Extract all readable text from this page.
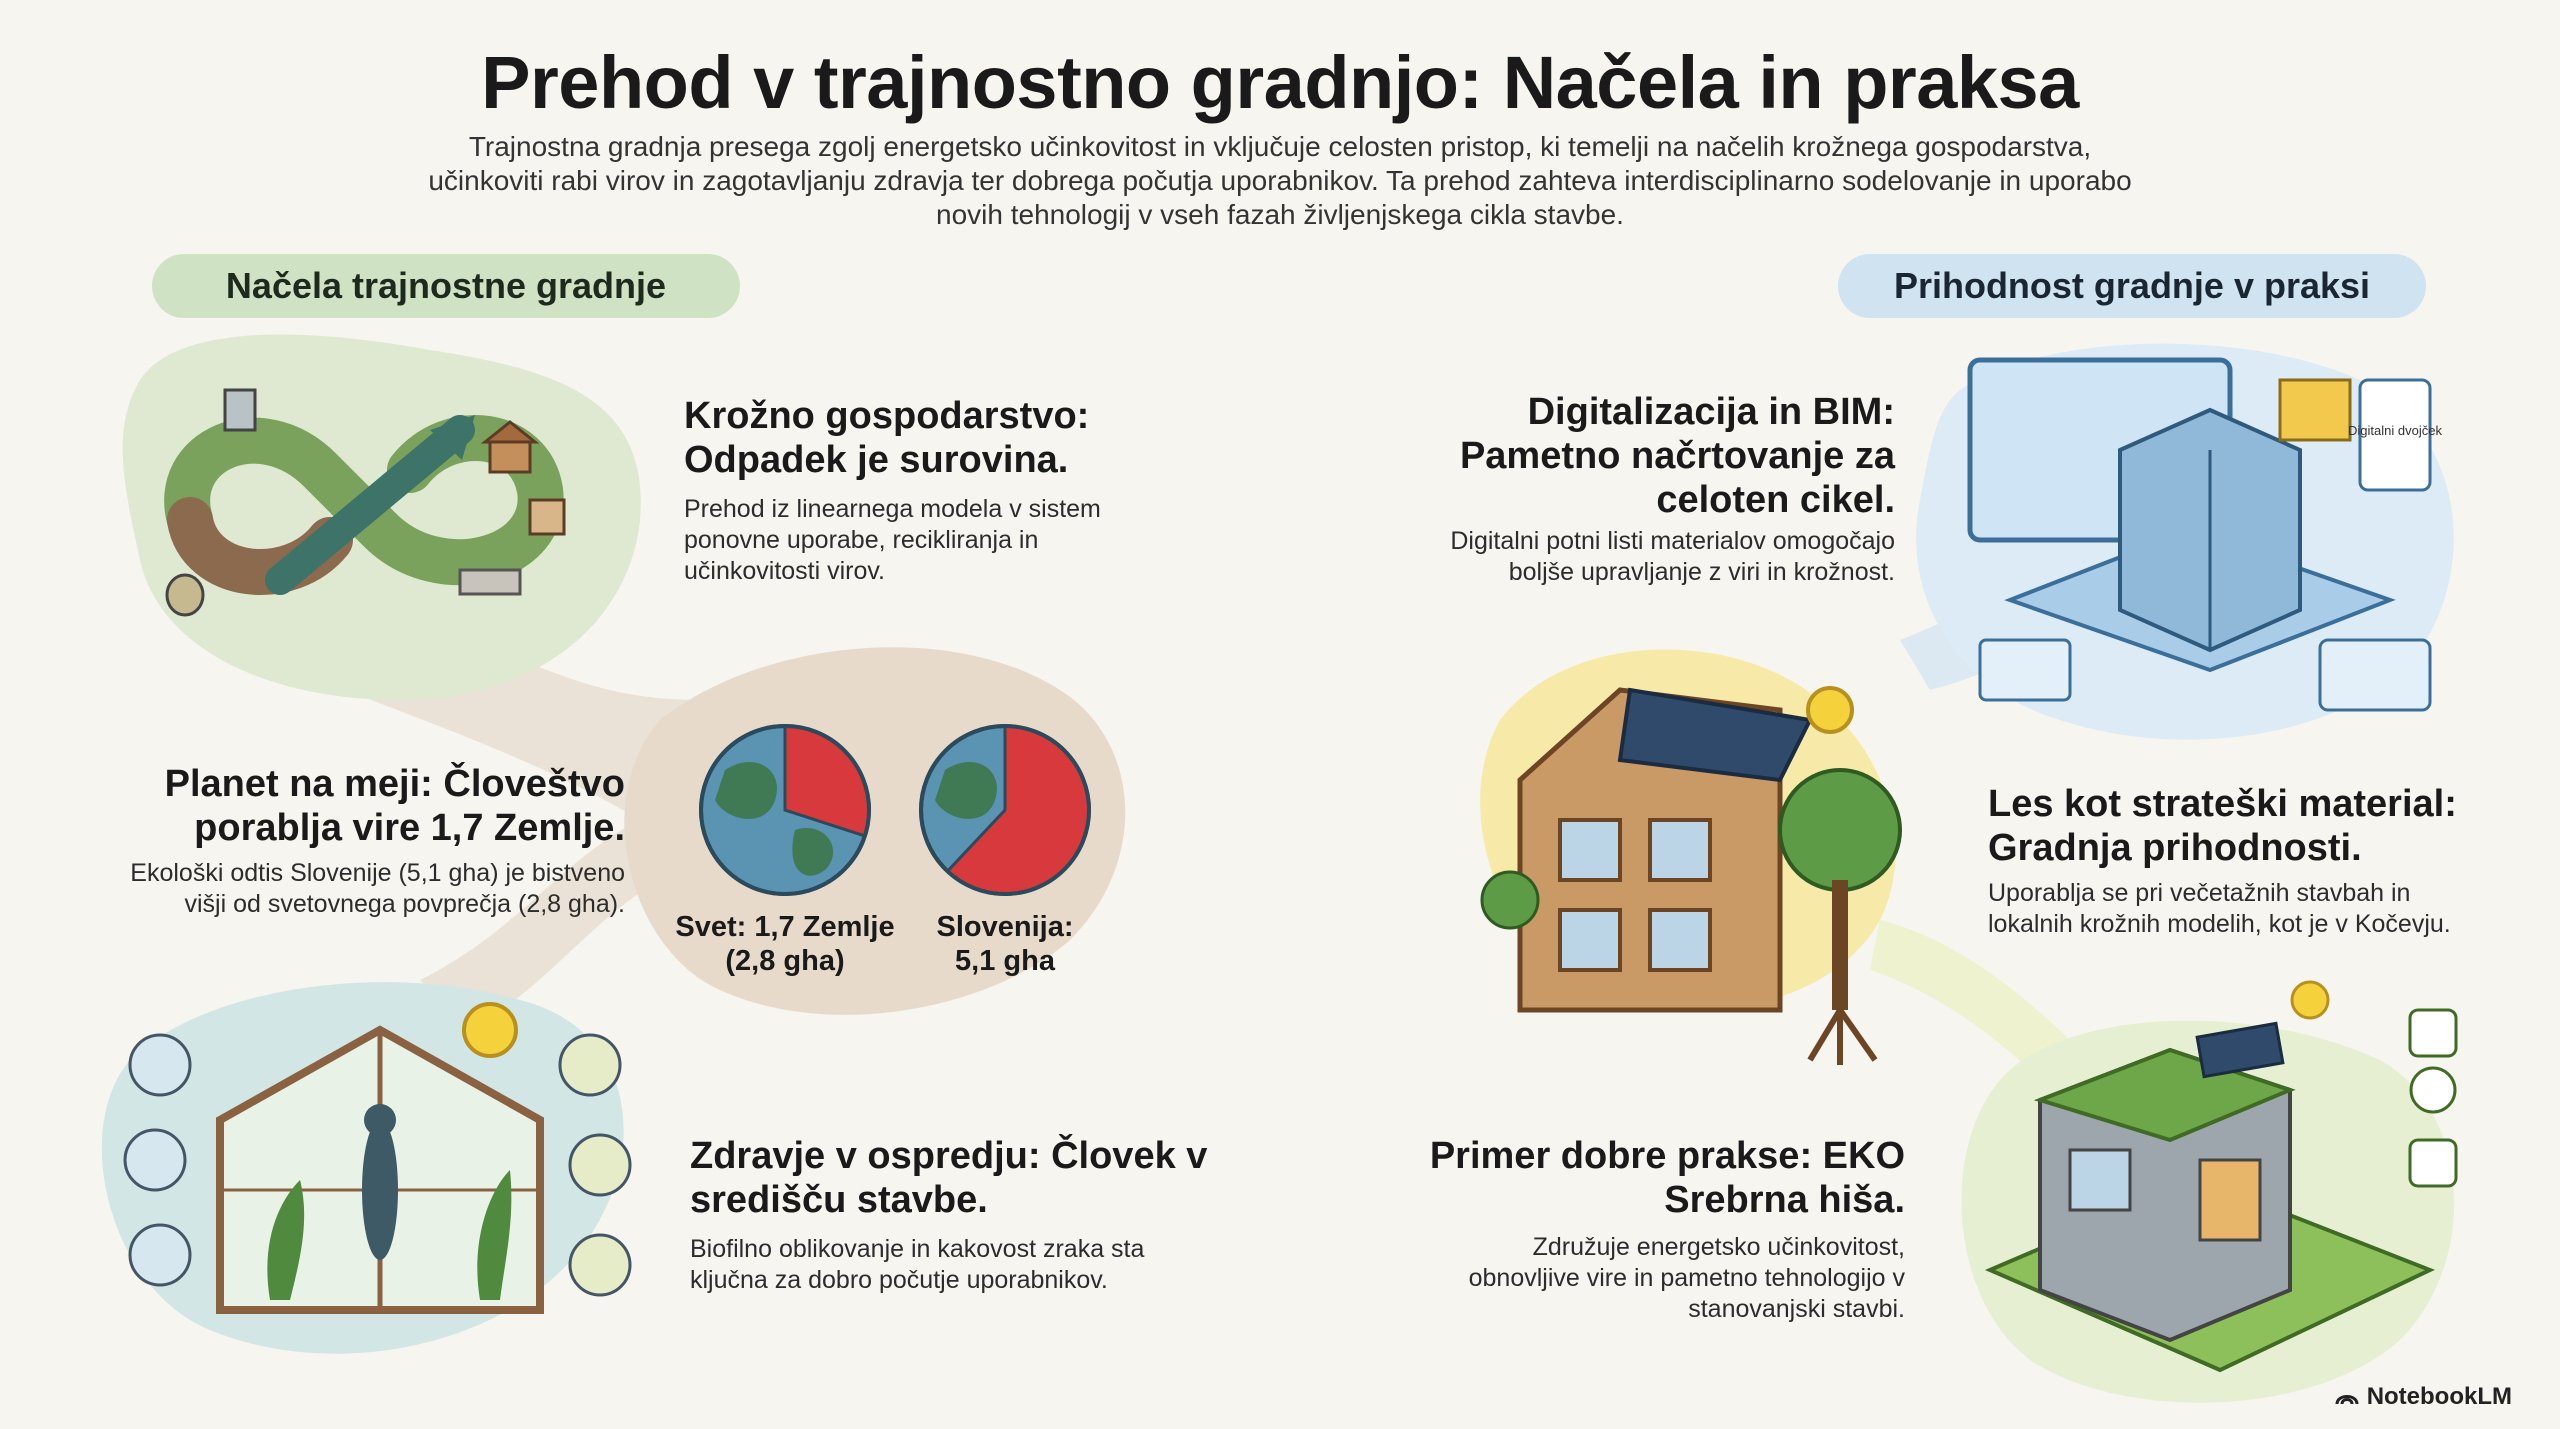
Prehod v trajnostno gradnjo: Načela in praksa
Trajnostna gradnja presega zgolj energetsko učinkovitost in vključuje celosten pristop, ki temelji na načelih krožnega gospodarstva, učinkoviti rabi virov in zagotavljanju zdravja ter dobrega počutja uporabnikov. Ta prehod zahteva interdisciplinarno sodelovanje in uporabo novih tehnologij v vseh fazah življenjskega cikla stavbe.
Načela trajnostne gradnje	Prihodnost gradnje v praksi
Krožno gospodarstvo: Odpadek je surovina.
Prehod iz linearnega modela v sistem ponovne uporabe, recikliranja in učinkovitosti virov.
Planet na meji: Človeštvo porablja vire 1,7 Zemlje.
Ekološki odtis Slovenije (5,1 gha) je bistveno višji od svetovnega povprečja (2,8 gha).
Svet: 1,7 Zemlje
(2,8 gha)
Slovenija:
5,1 gha
Zdravje v ospredju: Človek v središču stavbe.
Biofilno oblikovanje in kakovost zraka sta ključna za dobro počutje uporabnikov.
Digitalizacija in BIM: Pametno načrtovanje za celoten cikel.
Digitalni potni listi materialov omogočajo boljše upravljanje z viri in krožnost.
Digitalni dvojček
Les kot strateški material: Gradnja prihodnosti.
Uporablja se pri večetažnih stavbah in lokalnih krožnih modelih, kot je v Kočevju.
Primer dobre prakse: EKO Srebrna hiša.
Združuje energetsko učinkovitost, obnovljive vire in pametno tehnologijo v stanovanjski stavbi.
NotebookLM
